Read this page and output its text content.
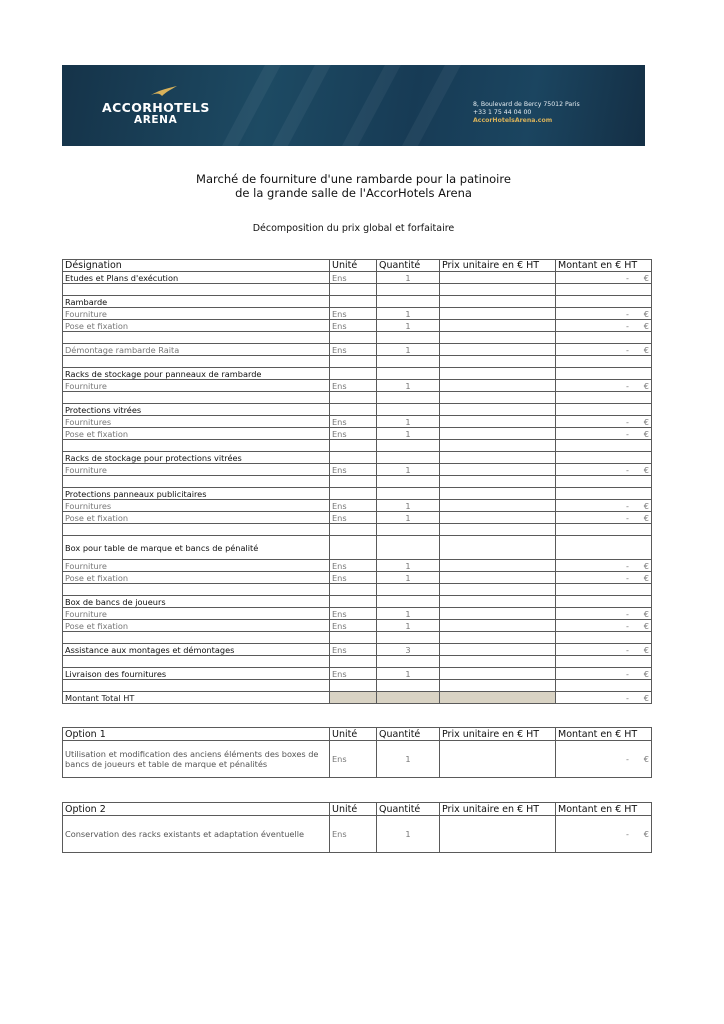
ACCORHOTELS
ARENA
8, Boulevard de Bercy 75012 Paris
+33 1 75 44 04 00
AccorHotelsArena.com
Marché de fourniture d'une rambarde pour la patinoire
de la grande salle de l'AccorHotels Arena
Décomposition du prix global et forfaitaire
Désignation	Unité	Quantité	Prix unitaire en € HT	Montant en € HT
Etudes et Plans d'exécution	Ens	1		- €

Rambarde				
Fourniture	Ens	1		- €
Pose et fixation	Ens	1		- €

Démontage rambarde Raita	Ens	1		- €

Racks de stockage pour panneaux de rambarde				
Fourniture	Ens	1		- €

Protections vitrées				
Fournitures	Ens	1		- €
Pose et fixation	Ens	1		- €

Racks de stockage pour protections vitrées				
Fourniture	Ens	1		- €

Protections panneaux publicitaires				
Fournitures	Ens	1		- €
Pose et fixation	Ens	1		- €

Box pour table de marque et bancs de pénalité				
Fourniture	Ens	1		- €
Pose et fixation	Ens	1		- €

Box de bancs de joueurs				
Fourniture	Ens	1		- €
Pose et fixation	Ens	1		- €

Assistance aux montages et démontages	Ens	3		- €

Livraison des fournitures	Ens	1		- €

Montant Total HT				- €
Option 1	Unité	Quantité	Prix unitaire en € HT	Montant en € HT
Utilisation et modification des anciens éléments des boxes de bancs de joueurs et table de marque et pénalités	Ens	1		- €
Option 2	Unité	Quantité	Prix unitaire en € HT	Montant en € HT
Conservation des racks existants et adaptation éventuelle	Ens	1		- €
